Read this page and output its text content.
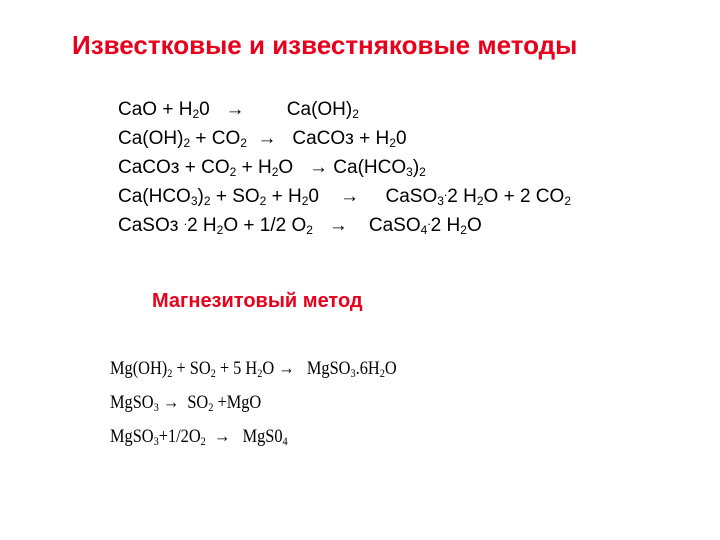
Известковые и известняковые методы
CaO + $H_20$   →        $Ca(OH)_2$
$Ca(OH)_2 + CO_2$  →   CaCOз + $H_20$
CaCOз + $CO_2 + H_2O \to Ca(HCO_3)_2$
$Ca(HCO_3)_2 + SO_2 + H_20$    →     CaSO$_3$.2 $H_2O + 2$ $CO_2$
CaSOз .2 $H_2O + 1/2$ $O_2$   →    CaSO$_4$.2 $H_2O$
Магнезитовый метод
$Mg(OH)_2 + SO_2 + 5$ $H_2O$ →   $MgSO_3.6H_2O$
MgSO$_3$ →  $SO_2 +MgO$
$MgSO_3+1/2O_2 \to MgS0_4$
